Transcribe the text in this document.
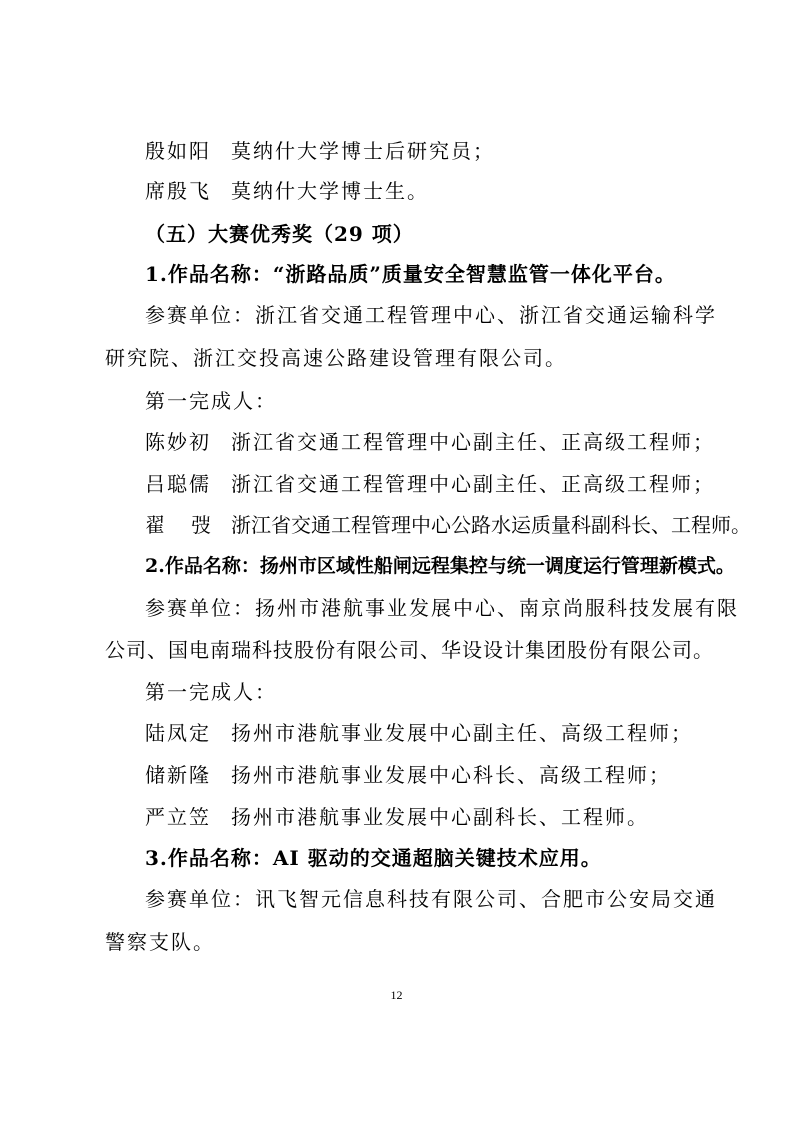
殷如阳 莫纳什大学博士后研究员；
席殷飞 莫纳什大学博士生。
（五）大赛优秀奖（29 项）
1.作品名称：“浙路品质”质量安全智慧监管一体化平台。
参赛单位：浙江省交通工程管理中心、浙江省交通运输科学
研究院、浙江交投高速公路建设管理有限公司。
第一完成人：
陈妙初 浙江省交通工程管理中心副主任、正高级工程师；
吕聪儒 浙江省交通工程管理中心副主任、正高级工程师；
翟弢浙江省交通工程管理中心公路水运质量科副科长、工程师。
2.作品名称：扬州市区域性船闸远程集控与统一调度运行管理新模式。
参赛单位：扬州市港航事业发展中心、南京尚服科技发展有限
公司、国电南瑞科技股份有限公司、华设设计集团股份有限公司。
第一完成人：
陆凤定 扬州市港航事业发展中心副主任、高级工程师；
储新隆 扬州市港航事业发展中心科长、高级工程师；
严立笠 扬州市港航事业发展中心副科长、工程师。
3.作品名称：AI 驱动的交通超脑关键技术应用。
参赛单位：讯飞智元信息科技有限公司、合肥市公安局交通
警察支队。
12
